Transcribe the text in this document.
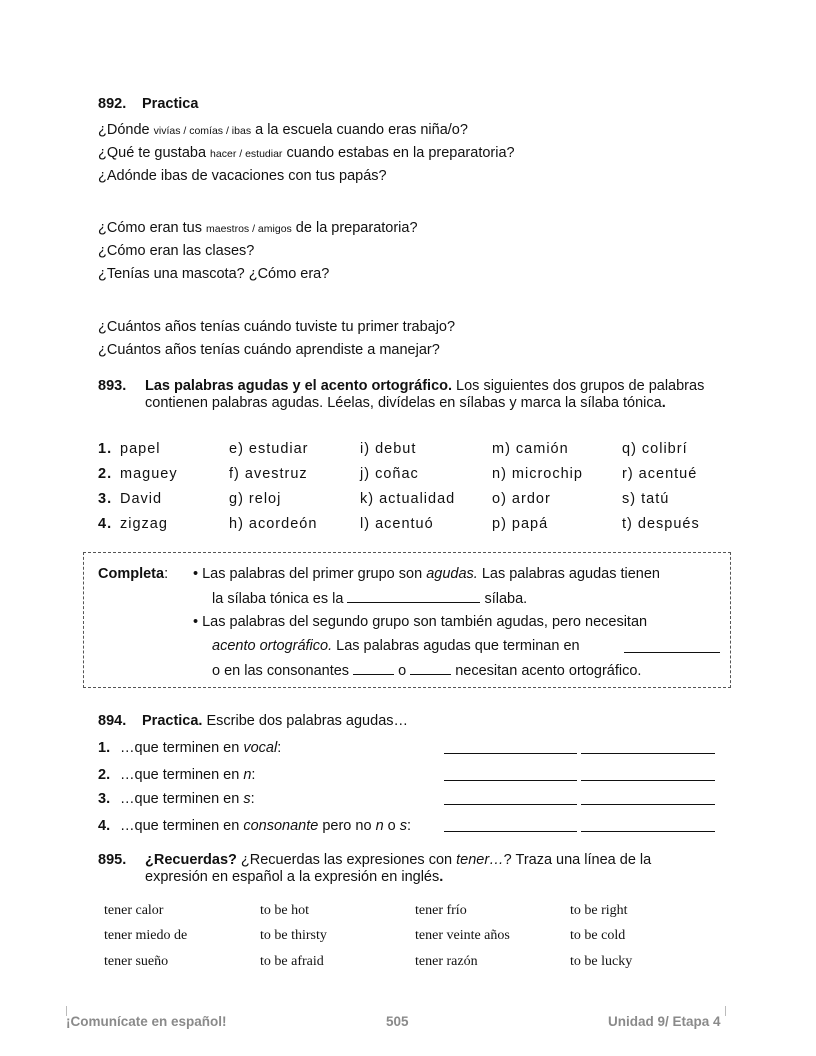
892. Practica
¿Dónde vivías / comías / ibas a la escuela cuando eras niña/o?
¿Qué te gustaba hacer / estudiar cuando estabas en la preparatoria?
¿Adónde ibas de vacaciones con tus papás?
¿Cómo eran tus maestros / amigos de la preparatoria?
¿Cómo eran las clases?
¿Tenías una mascota? ¿Cómo era?
¿Cuántos años tenías cuándo tuviste tu primer trabajo?
¿Cuántos años tenías cuándo aprendiste a manejar?
893. Las palabras agudas y el acento ortográfico. Los siguientes dos grupos de palabras contienen palabras agudas. Léelas, divídelas en sílabas y marca la sílaba tónica.
1. papel	e) estudiar	i) debut	m) camión	q) colibrí
2. maguey	f) avestruz	j) coñac	n) microchip	r) acentué
3. David	g) reloj	k) actualidad	o) ardor	s) tatú
4. zigzag	h) acordeón	l) acentuó	p) papá	t) después
Completa: • Las palabras del primer grupo son agudas. Las palabras agudas tienen
la sílaba tónica es la	sílaba.
• Las palabras del segundo grupo son también agudas, pero necesitan
acento ortográfico. Las palabras agudas que terminan en
o en las consonantes	o	necesitan acento ortográfico.
894. Practica. Escribe dos palabras agudas…
1. …que terminen en vocal:
2. …que terminen en n:
3. …que terminen en s:
4. …que terminen en consonante pero no n o s:
895. ¿Recuerdas? ¿Recuerdas las expresiones con tener…? Traza una línea de la expresión en español a la expresión en inglés.
tener calor	to be hot	tener frío	to be right
tener miedo de	to be thirsty	tener veinte años	to be cold
tener sueño	to be afraid	tener razón	to be lucky
¡Comunícate en español!	505	Unidad 9/ Etapa 4
